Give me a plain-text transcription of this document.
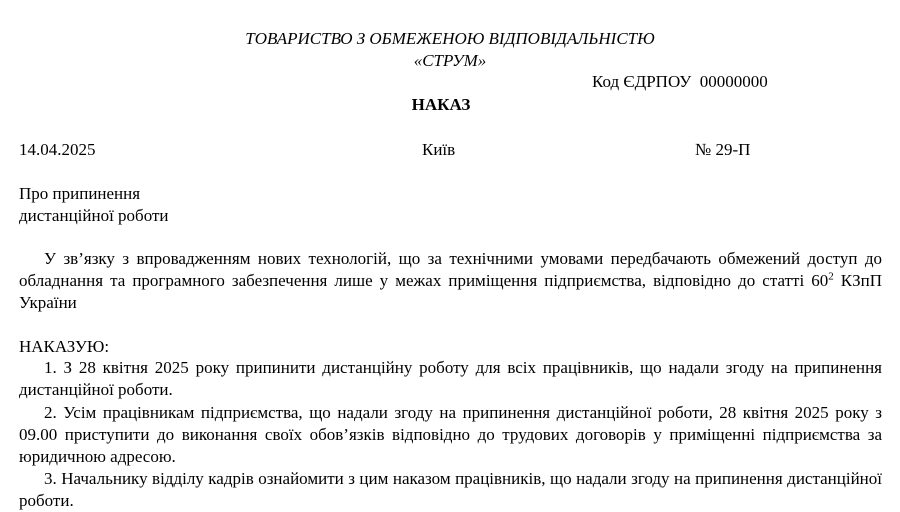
ТОВАРИСТВО З ОБМЕЖЕНОЮ ВІДПОВІДАЛЬНІСТЮ
«СТРУМ»
Код ЄДРПОУ  00000000
НАКАЗ
14.04.2025	Київ	№ 29-П
Про припинення
дистанційної роботи
У зв’язку з впровадженням нових технологій, що за технічними умовами передбачають обмежений доступ до обладнання та програмного забезпечення лише у межах приміщення підприємства, відповідно до статті $60^2$ КЗпП України
НАКАЗУЮ:
1. З 28 квітня 2025 року припинити дистанційну роботу для всіх працівників, що надали згоду на припинення дистанційної роботи.
2. Усім працівникам підприємства, що надали згоду на припинення дистанційної роботи, 28 квітня 2025 року з 09.00 приступити до виконання своїх обов’язків відповідно до трудових договорів у приміщенні підприємства за юридичною адресою.
3. Начальнику відділу кадрів ознайомити з цим наказом працівників, що надали згоду на припинення дистанційної роботи.
